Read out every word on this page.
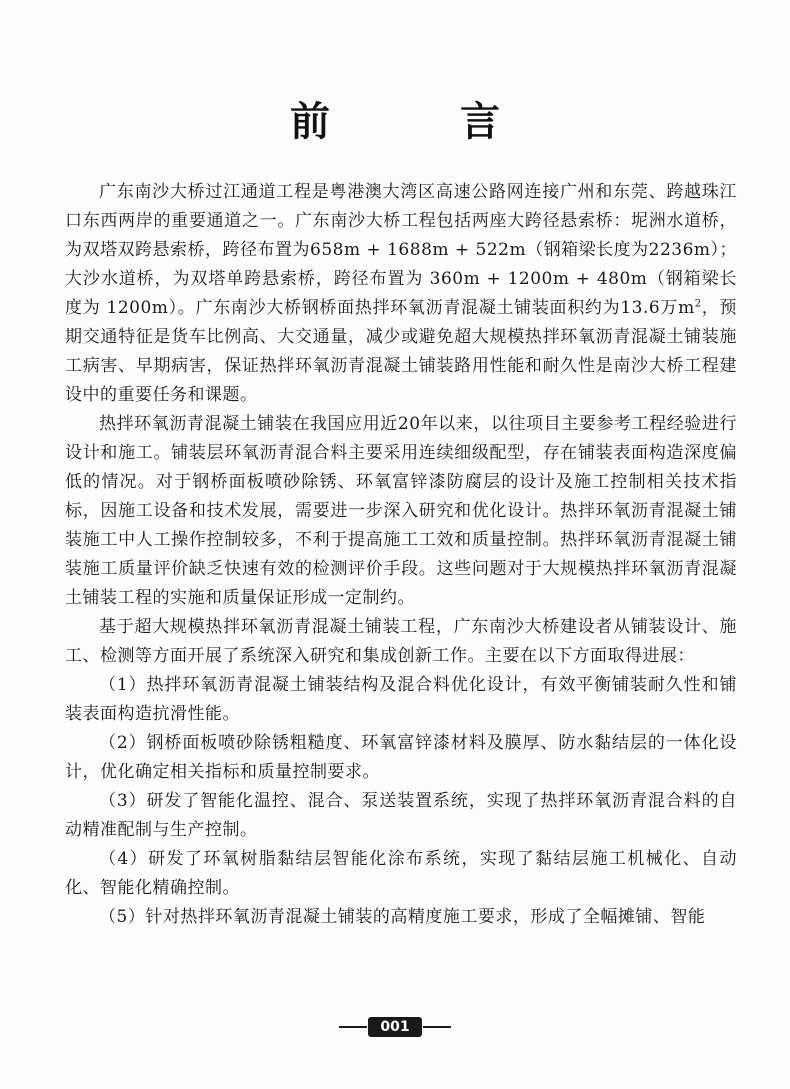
前 言

广东南沙大桥过江通道工程是粤港澳大湾区高速公路网连接广州和东莞、跨越珠江口东西两岸的重要通道之一。广东南沙大桥工程包括两座大跨径悬索桥：坭洲水道桥，为双塔双跨悬索桥，跨径布置为658m + 1688m + 522m（钢箱梁长度为2236m）；大沙水道桥，为双塔单跨悬索桥，跨径布置为 360m + 1200m + 480m（钢箱梁长度为 1200m）。广东南沙大桥钢桥面热拌环氧沥青混凝土铺装面积约为13.6万$m^2$，预期交通特征是货车比例高、大交通量，减少或避免超大规模热拌环氧沥青混凝土铺装施工病害、早期病害，保证热拌环氧沥青混凝土铺装路用性能和耐久性是南沙大桥工程建设中的重要任务和课题。

热拌环氧沥青混凝土铺装在我国应用近20年以来，以往项目主要参考工程经验进行设计和施工。铺装层环氧沥青混合料主要采用连续细级配型，存在铺装表面构造深度偏低的情况。对于钢桥面板喷砂除锈、环氧富锌漆防腐层的设计及施工控制相关技术指标，因施工设备和技术发展，需要进一步深入研究和优化设计。热拌环氧沥青混凝土铺装施工中人工操作控制较多，不利于提高施工工效和质量控制。热拌环氧沥青混凝土铺装施工质量评价缺乏快速有效的检测评价手段。这些问题对于大规模热拌环氧沥青混凝土铺装工程的实施和质量保证形成一定制约。

基于超大规模热拌环氧沥青混凝土铺装工程，广东南沙大桥建设者从铺装设计、施工、检测等方面开展了系统深入研究和集成创新工作。主要在以下方面取得进展：

（1）热拌环氧沥青混凝土铺装结构及混合料优化设计，有效平衡铺装耐久性和铺装表面构造抗滑性能。

（2）钢桥面板喷砂除锈粗糙度、环氧富锌漆材料及膜厚、防水黏结层的一体化设计，优化确定相关指标和质量控制要求。

（3）研发了智能化温控、混合、泵送装置系统，实现了热拌环氧沥青混合料的自动精准配制与生产控制。

（4）研发了环氧树脂黏结层智能化涂布系统，实现了黏结层施工机械化、自动化、智能化精确控制。

（5）针对热拌环氧沥青混凝土铺装的高精度施工要求，形成了全幅摊铺、智能

001
